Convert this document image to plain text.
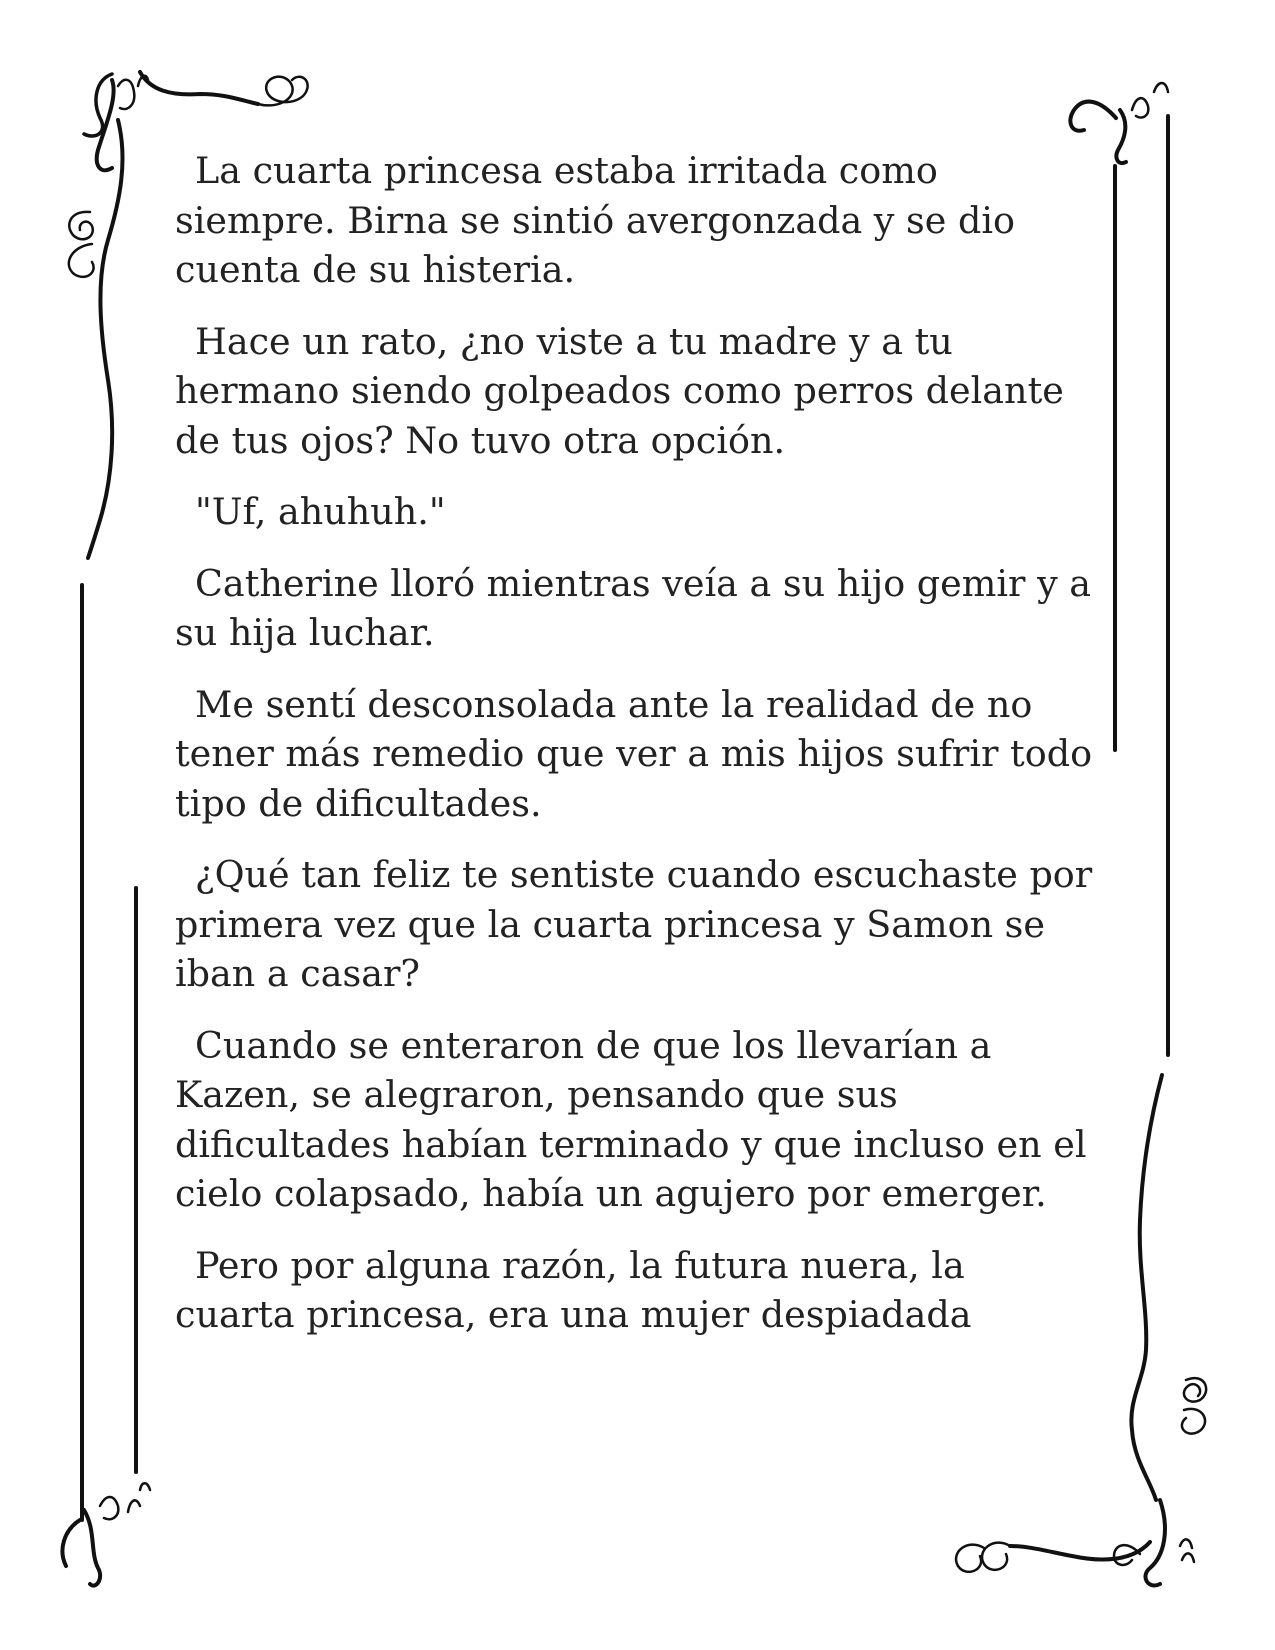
La cuarta princesa estaba irritada como siempre. Birna se sintió avergonzada y se dio cuenta de su histeria.

Hace un rato, ¿no viste a tu madre y a tu hermano siendo golpeados como perros delante de tus ojos? No tuvo otra opción.

"Uf, ahuhuh."

Catherine lloró mientras veía a su hijo gemir y a su hija luchar.

Me sentí desconsolada ante la realidad de no tener más remedio que ver a mis hijos sufrir todo tipo de dificultades.

¿Qué tan feliz te sentiste cuando escuchaste por primera vez que la cuarta princesa y Samon se iban a casar?

Cuando se enteraron de que los llevarían a Kazen, se alegraron, pensando que sus dificultades habían terminado y que incluso en el cielo colapsado, había un agujero por emerger.

Pero por alguna razón, la futura nuera, la cuarta princesa, era una mujer despiadada
